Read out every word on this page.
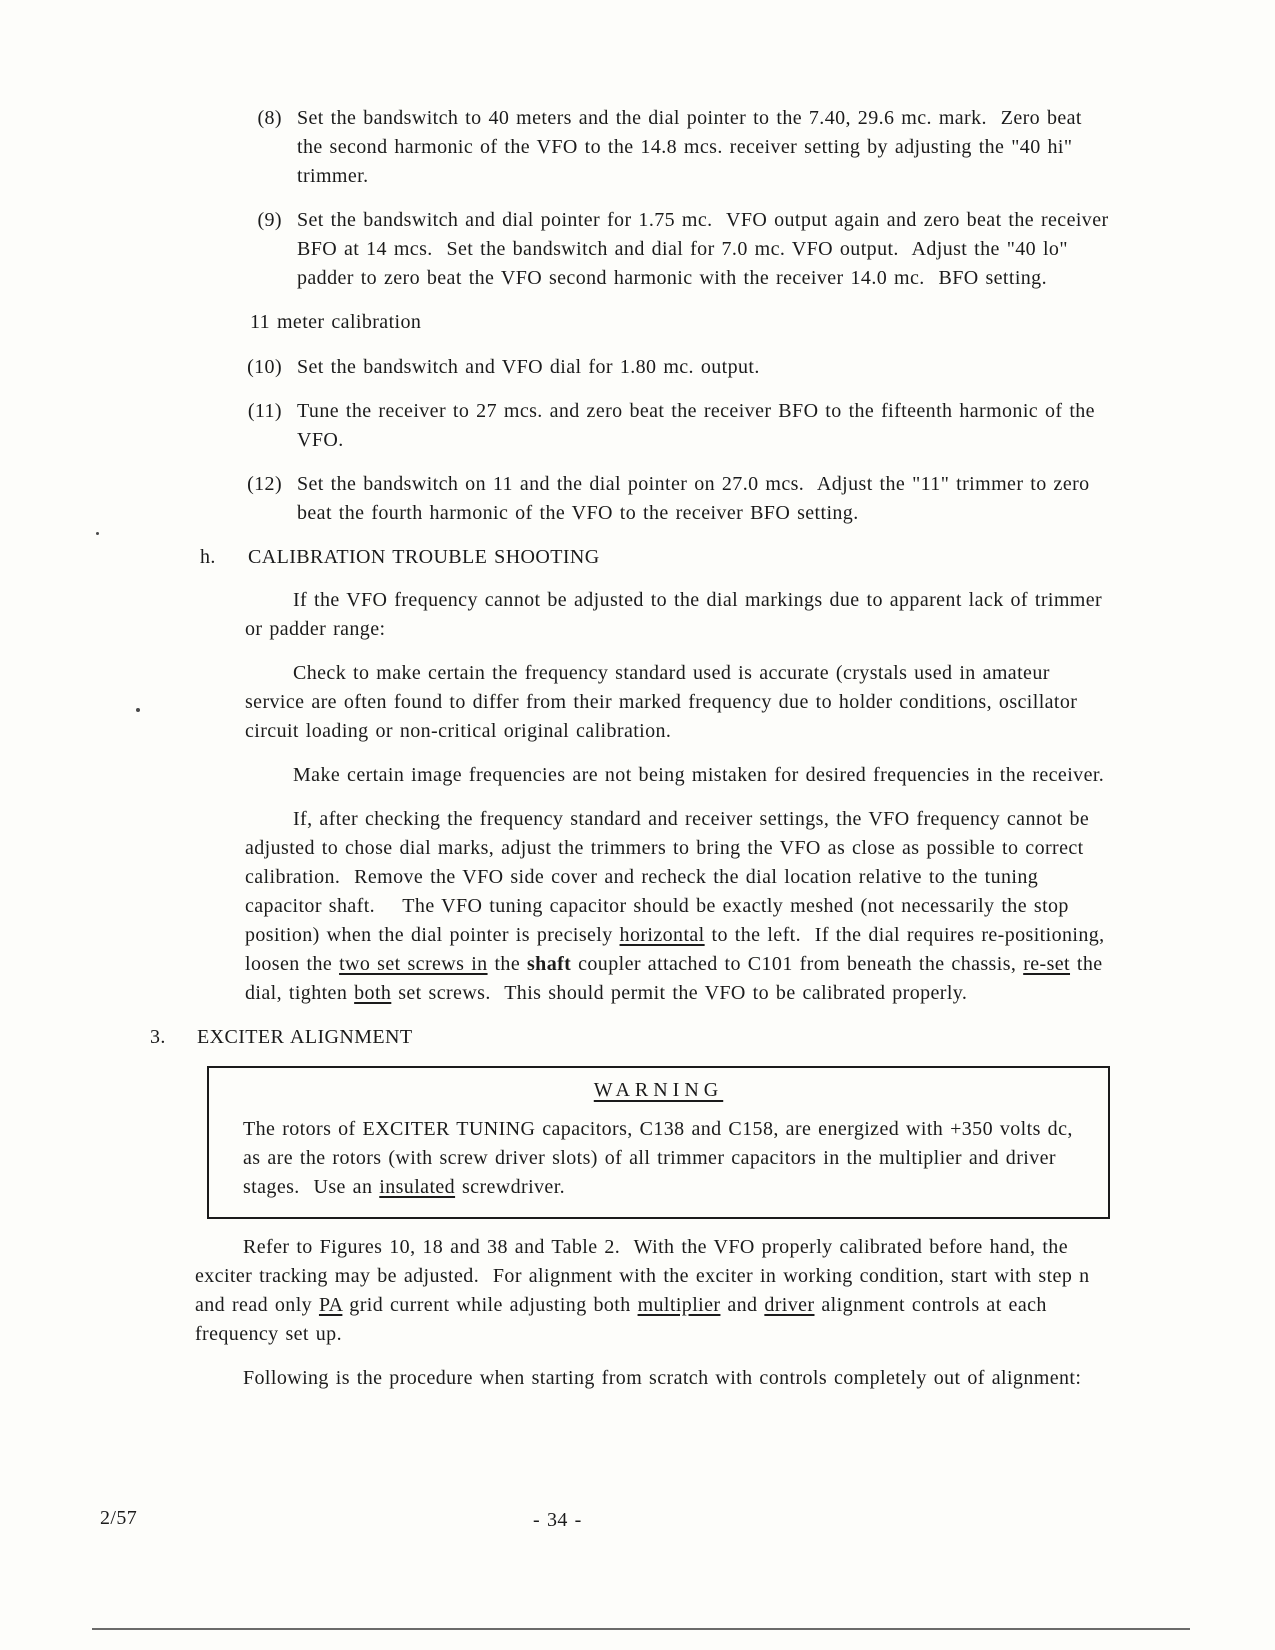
(8) Set the bandswitch to 40 meters and the dial pointer to the 7.40, 29.6 mc. mark.  Zero beat the second harmonic of the VFO to the 14.8 mcs. receiver setting by adjusting the "40 hi" trimmer.
(9) Set the bandswitch and dial pointer for 1.75 mc.  VFO output again and zero beat the receiver BFO at 14 mcs.  Set the bandswitch and dial for 7.0 mc. VFO output.  Adjust the "40 lo" padder to zero beat the VFO second harmonic with the receiver 14.0 mc.  BFO setting.
11 meter calibration
(10) Set the bandswitch and VFO dial for 1.80 mc. output.
(11) Tune the receiver to 27 mcs. and zero beat the receiver BFO to the fifteenth harmonic of the VFO.
(12) Set the bandswitch on 11 and the dial pointer on 27.0 mcs.  Adjust the "11" trimmer to zero beat the fourth harmonic of the VFO to the receiver BFO setting.
h.	CALIBRATION TROUBLE SHOOTING

If the VFO frequency cannot be adjusted to the dial markings due to apparent lack of trimmer or padder range:

Check to make certain the frequency standard used is accurate (crystals used in amateur service are often found to differ from their marked frequency due to holder conditions, oscillator circuit loading or non-critical original calibration.

Make certain image frequencies are not being mistaken for desired frequencies in the receiver.

If, after checking the frequency standard and receiver settings, the VFO frequency cannot be adjusted to chose dial marks, adjust the trimmers to bring the VFO as close as possible to correct calibration.  Remove the VFO side cover and recheck the dial location relative to the tuning capacitor shaft.    The VFO tuning capacitor should be exactly meshed (not necessarily the stop position) when the dial pointer is precisely horizontal to the left.  If the dial requires re-positioning, loosen the two set screws in the shaft coupler attached to C101 from beneath the chassis, re-set the dial, tighten both set screws.  This should permit the VFO to be calibrated properly.

3.	EXCITER ALIGNMENT
WARNING

The rotors of EXCITER TUNING capacitors, C138 and C158, are energized with +350 volts dc, as are the rotors (with screw driver slots) of all trimmer capacitors in the multiplier and driver stages.  Use an insulated screwdriver.

Refer to Figures 10, 18 and 38 and Table 2.  With the VFO properly calibrated before hand, the exciter tracking may be adjusted.  For alignment with the exciter in working condition, start with step n and read only PA grid current while adjusting both multiplier and driver alignment controls at each frequency set up.

Following is the procedure when starting from scratch with controls completely out of alignment:

2/57	- 34 -
